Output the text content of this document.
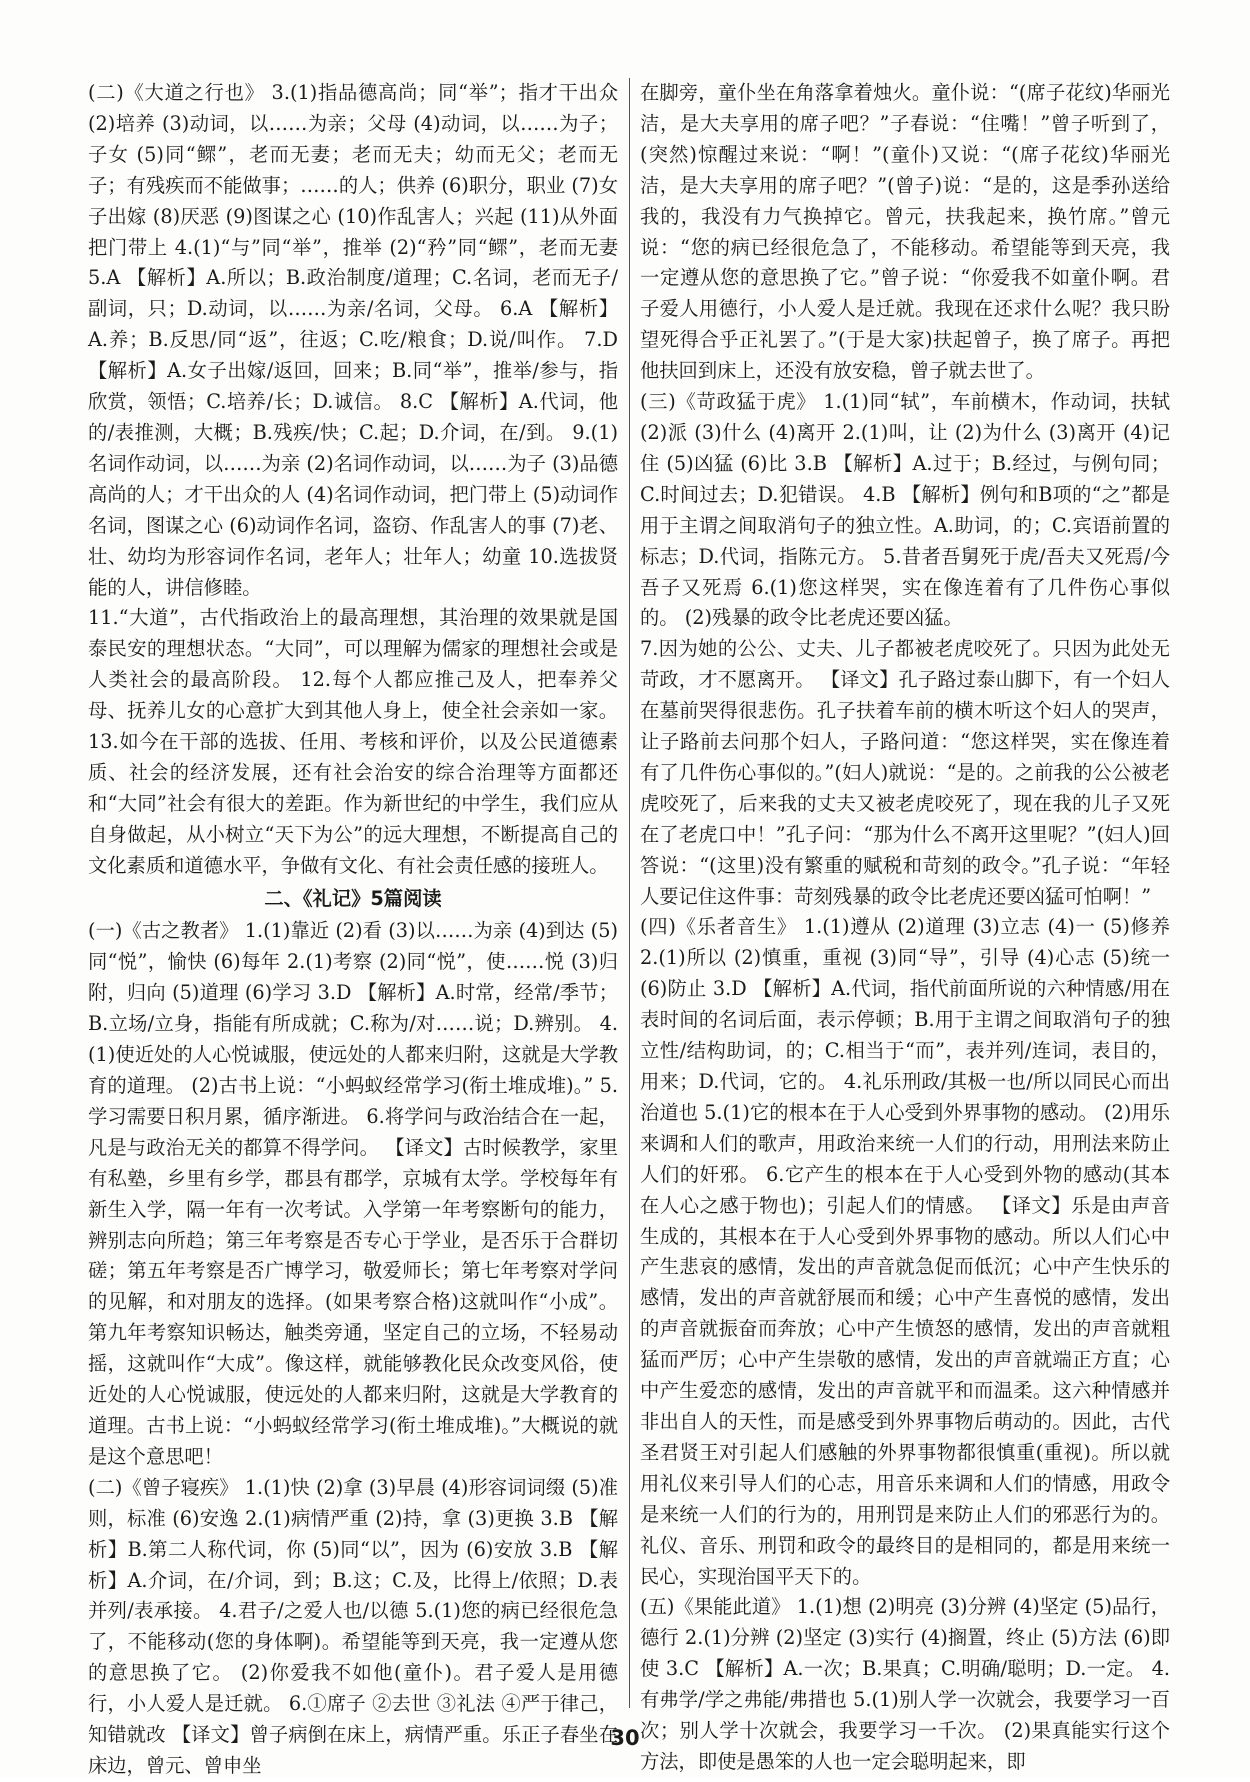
(二)《大道之行也》 3.(1)指品德高尚；同“举”；指才干出众 (2)培养 (3)动词，以……为亲；父母 (4)动词，以……为子；子女 (5)同“鳏”，老而无妻；老而无夫；幼而无父；老而无子；有残疾而不能做事；……的人；供养 (6)职分，职业 (7)女子出嫁 (8)厌恶 (9)图谋之心 (10)作乱害人；兴起 (11)从外面把门带上 4.(1)“与”同“举”，推举 (2)“矜”同“鳏”，老而无妻 5.A 【解析】A.所以；B.政治制度/道理；C.名词，老而无子/副词，只；D.动词，以……为亲/名词，父母。 6.A 【解析】A.养；B.反思/同“返”，往返；C.吃/粮食；D.说/叫作。 7.D 【解析】A.女子出嫁/返回，回来；B.同“举”，推举/参与，指欣赏，领悟；C.培养/长；D.诚信。 8.C 【解析】A.代词，他的/表推测，大概；B.残疾/快；C.起；D.介词，在/到。 9.(1)名词作动词，以……为亲 (2)名词作动词，以……为子 (3)品德高尚的人；才干出众的人 (4)名词作动词，把门带上 (5)动词作名词，图谋之心 (6)动词作名词，盗窃、作乱害人的事 (7)老、壮、幼均为形容词作名词，老年人；壮年人；幼童 10.选拔贤能的人，讲信修睦。

11.“大道”，古代指政治上的最高理想，其治理的效果就是国泰民安的理想状态。“大同”，可以理解为儒家的理想社会或是人类社会的最高阶段。 12.每个人都应推己及人，把奉养父母、抚养儿女的心意扩大到其他人身上，使全社会亲如一家。 13.如今在干部的选拔、任用、考核和评价，以及公民道德素质、社会的经济发展，还有社会治安的综合治理等方面都还和“大同”社会有很大的差距。作为新世纪的中学生，我们应从自身做起，从小树立“天下为公”的远大理想，不断提高自己的文化素质和道德水平，争做有文化、有社会责任感的接班人。

二、《礼记》5篇阅读

(一)《古之教者》 1.(1)靠近 (2)看 (3)以……为亲 (4)到达 (5)同“悦”，愉快 (6)每年 2.(1)考察 (2)同“悦”，使……悦 (3)归附，归向 (5)道理 (6)学习 3.D 【解析】A.时常，经常/季节；B.立场/立身，指能有所成就；C.称为/对……说；D.辨别。 4.(1)使近处的人心悦诚服，使远处的人都来归附，这就是大学教育的道理。 (2)古书上说：“小蚂蚁经常学习(衔土堆成堆)。” 5.学习需要日积月累，循序渐进。 6.将学问与政治结合在一起，凡是与政治无关的都算不得学问。 【译文】古时候教学，家里有私塾，乡里有乡学，郡县有郡学，京城有太学。学校每年有新生入学，隔一年有一次考试。入学第一年考察断句的能力，辨别志向所趋；第三年考察是否专心于学业，是否乐于合群切磋；第五年考察是否广博学习，敬爱师长；第七年考察对学问的见解，和对朋友的选择。(如果考察合格)这就叫作“小成”。第九年考察知识畅达，触类旁通，坚定自己的立场，不轻易动摇，这就叫作“大成”。像这样，就能够教化民众改变风俗，使近处的人心悦诚服，使远处的人都来归附，这就是大学教育的道理。古书上说：“小蚂蚁经常学习(衔土堆成堆)。”大概说的就是这个意思吧！

(二)《曾子寝疾》 1.(1)快 (2)拿 (3)早晨 (4)形容词词缀 (5)准则，标准 (6)安逸 2.(1)病情严重 (2)持，拿 (3)更换 3.B 【解析】B.第二人称代词，你 (5)同“以”，因为 (6)安放 3.B 【解析】A.介词，在/介词，到；B.这；C.及，比得上/依照；D.表并列/表承接。 4.君子/之爱人也/以德 5.(1)您的病已经很危急了，不能移动(您的身体啊)。希望能等到天亮，我一定遵从您的意思换了它。 (2)你爱我不如他(童仆)。君子爱人是用德行，小人爱人是迁就。 6.①席子 ②去世 ③礼法 ④严于律己，知错就改 【译文】曾子病倒在床上，病情严重。乐正子春坐在床边，曾元、曾申坐

在脚旁，童仆坐在角落拿着烛火。童仆说：“(席子花纹)华丽光洁，是大夫享用的席子吧？”子春说：“住嘴！”曾子听到了，(突然)惊醒过来说：“啊！”(童仆)又说：“(席子花纹)华丽光洁，是大夫享用的席子吧？”(曾子)说：“是的，这是季孙送给我的，我没有力气换掉它。曾元，扶我起来，换竹席。”曾元说：“您的病已经很危急了，不能移动。希望能等到天亮，我一定遵从您的意思换了它。”曾子说：“你爱我不如童仆啊。君子爱人用德行，小人爱人是迁就。我现在还求什么呢？我只盼望死得合乎正礼罢了。”(于是大家)扶起曾子，换了席子。再把他扶回到床上，还没有放安稳，曾子就去世了。

(三)《苛政猛于虎》 1.(1)同“轼”，车前横木，作动词，扶轼 (2)派 (3)什么 (4)离开 2.(1)叫，让 (2)为什么 (3)离开 (4)记住 (5)凶猛 (6)比 3.B 【解析】A.过于；B.经过，与例句同；C.时间过去；D.犯错误。 4.B 【解析】例句和B项的“之”都是用于主谓之间取消句子的独立性。A.助词，的；C.宾语前置的标志；D.代词，指陈元方。 5.昔者吾舅死于虎/吾夫又死焉/今吾子又死焉 6.(1)您这样哭，实在像连着有了几件伤心事似的。 (2)残暴的政令比老虎还要凶猛。

7.因为她的公公、丈夫、儿子都被老虎咬死了。只因为此处无苛政，才不愿离开。 【译文】孔子路过泰山脚下，有一个妇人在墓前哭得很悲伤。孔子扶着车前的横木听这个妇人的哭声，让子路前去问那个妇人，子路问道：“您这样哭，实在像连着有了几件伤心事似的。”(妇人)就说：“是的。之前我的公公被老虎咬死了，后来我的丈夫又被老虎咬死了，现在我的儿子又死在了老虎口中！”孔子问：“那为什么不离开这里呢？”(妇人)回答说：“(这里)没有繁重的赋税和苛刻的政令。”孔子说：“年轻人要记住这件事：苛刻残暴的政令比老虎还要凶猛可怕啊！”

(四)《乐者音生》 1.(1)遵从 (2)道理 (3)立志 (4)一 (5)修养 2.(1)所以 (2)慎重，重视 (3)同“导”，引导 (4)心志 (5)统一 (6)防止 3.D 【解析】A.代词，指代前面所说的六种情感/用在表时间的名词后面，表示停顿；B.用于主谓之间取消句子的独立性/结构助词，的；C.相当于“而”，表并列/连词，表目的，用来；D.代词，它的。 4.礼乐刑政/其极一也/所以同民心而出治道也 5.(1)它的根本在于人心受到外界事物的感动。 (2)用乐来调和人们的歌声，用政治来统一人们的行动，用刑法来防止人们的奸邪。 6.它产生的根本在于人心受到外物的感动(其本在人心之感于物也)；引起人们的情感。 【译文】乐是由声音生成的，其根本在于人心受到外界事物的感动。所以人们心中产生悲哀的感情，发出的声音就急促而低沉；心中产生快乐的感情，发出的声音就舒展而和缓；心中产生喜悦的感情，发出的声音就振奋而奔放；心中产生愤怒的感情，发出的声音就粗猛而严厉；心中产生崇敬的感情，发出的声音就端正方直；心中产生爱恋的感情，发出的声音就平和而温柔。这六种情感并非出自人的天性，而是感受到外界事物后萌动的。因此，古代圣君贤王对引起人们感触的外界事物都很慎重(重视)。所以就用礼仪来引导人们的心志，用音乐来调和人们的情感，用政令是来统一人们的行为的，用刑罚是来防止人们的邪恶行为的。礼仪、音乐、刑罚和政令的最终目的是相同的，都是用来统一民心，实现治国平天下的。

(五)《果能此道》 1.(1)想 (2)明亮 (3)分辨 (4)坚定 (5)品行，德行 2.(1)分辨 (2)坚定 (3)实行 (4)搁置，终止 (5)方法 (6)即使 3.C 【解析】A.一次；B.果真；C.明确/聪明；D.一定。 4.有弗学/学之弗能/弗措也 5.(1)别人学一次就会，我要学习一百次；别人学十次就会，我要学习一千次。 (2)果真能实行这个方法，即使是愚笨的人也一定会聪明起来，即

30
